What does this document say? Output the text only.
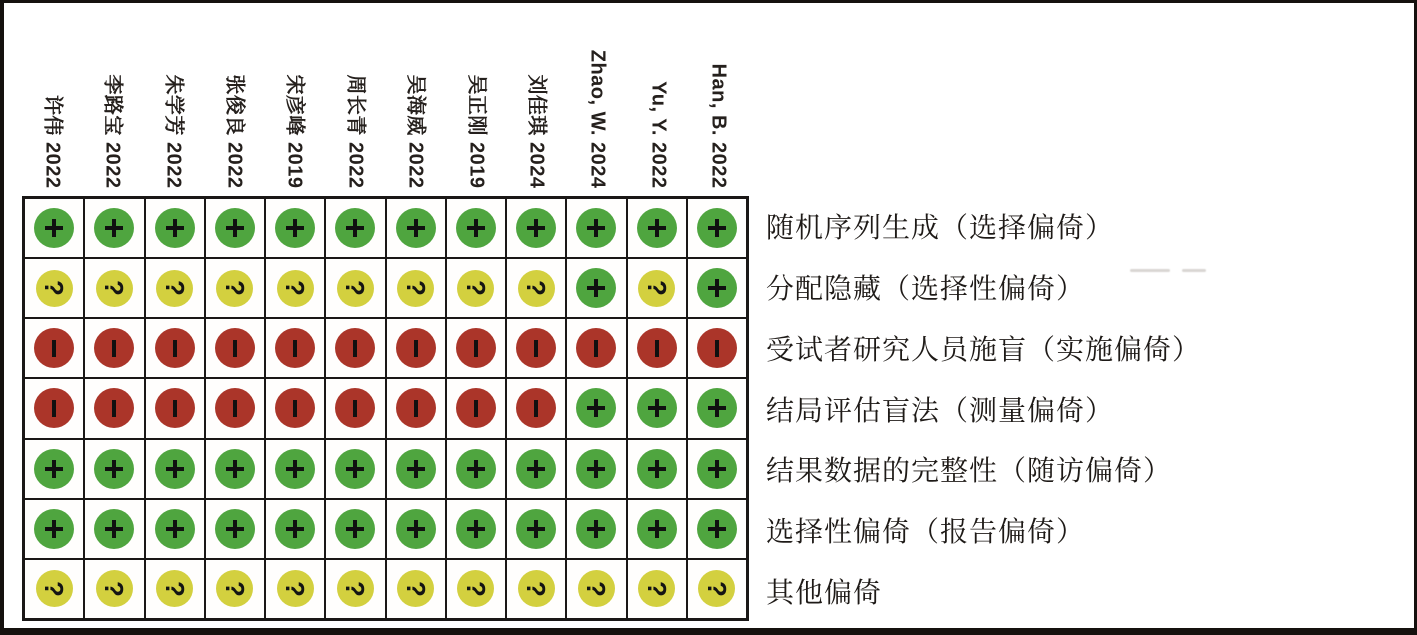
许伟 2022 李路宝 2022 朱学芳 2022 张俊良 2022 宋彦峰 2019 周长青 2022 吴海威 2022 吴正刚 2019 刘佳琪 2024 Zhao, W. 2024 Yu, Y. 2022 Han, B. 2022
? ? ? ? ? ? ? ? ?	?
? ? ? ? ? ? ? ? ? ? ? ?
随机序列生成（选择偏倚）
分配隐藏（选择性偏倚）
受试者研究人员施盲（实施偏倚）
结局评估盲法（测量偏倚）
结果数据的完整性（随访偏倚）
选择性偏倚（报告偏倚）
其他偏倚
